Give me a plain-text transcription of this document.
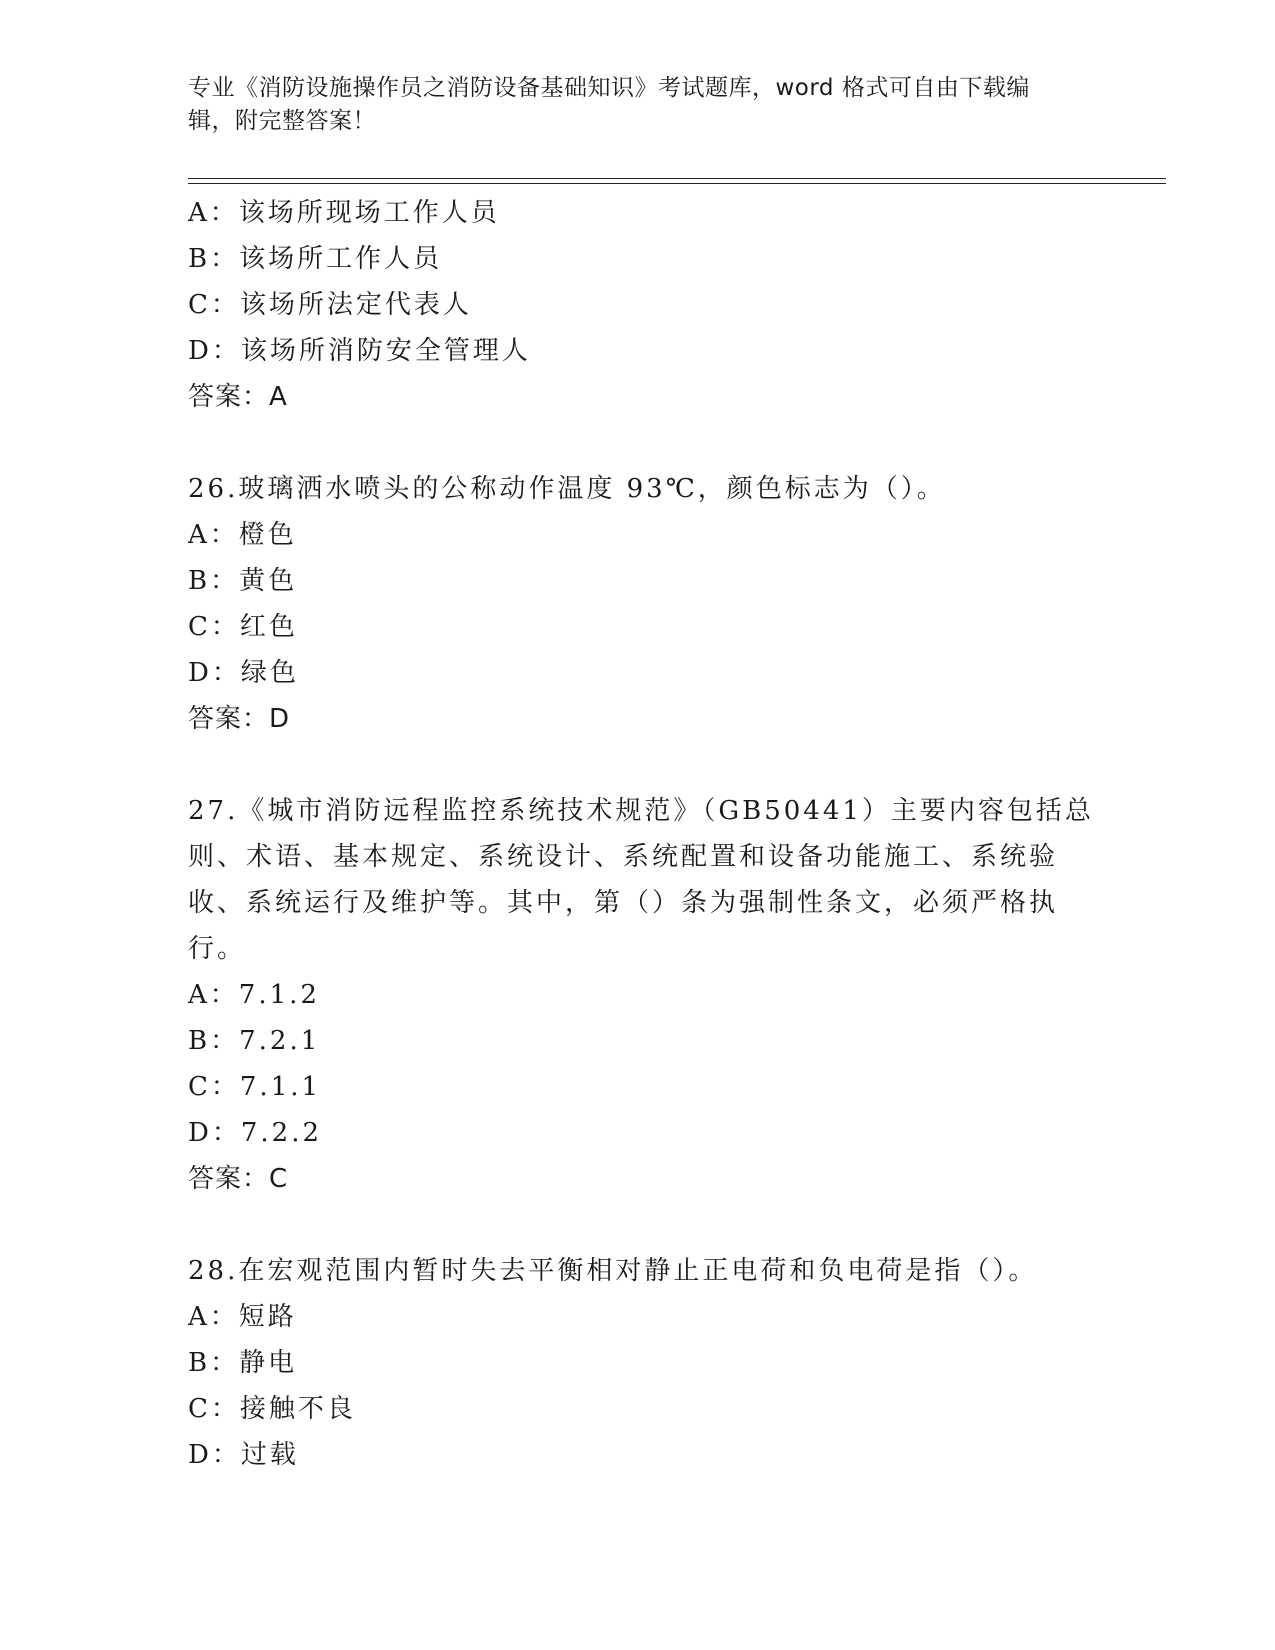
专业《消防设施操作员之消防设备基础知识》考试题库，word 格式可自由下载编
辑，附完整答案！
A：该场所现场工作人员
B：该场所工作人员
C：该场所法定代表人
D：该场所消防安全管理人
答案：A
26.玻璃洒水喷头的公称动作温度 93℃，颜色标志为（）。
A：橙色
B：黄色
C：红色
D：绿色
答案：D
27.《城市消防远程监控系统技术规范》（GB50441）主要内容包括总
则、术语、基本规定、系统设计、系统配置和设备功能施工、系统验
收、系统运行及维护等。其中，第（）条为强制性条文，必须严格执
行。
A：7.1.2
B：7.2.1
C：7.1.1
D：7.2.2
答案：C
28.在宏观范围内暂时失去平衡相对静止正电荷和负电荷是指（）。
A：短路
B：静电
C：接触不良
D：过载
